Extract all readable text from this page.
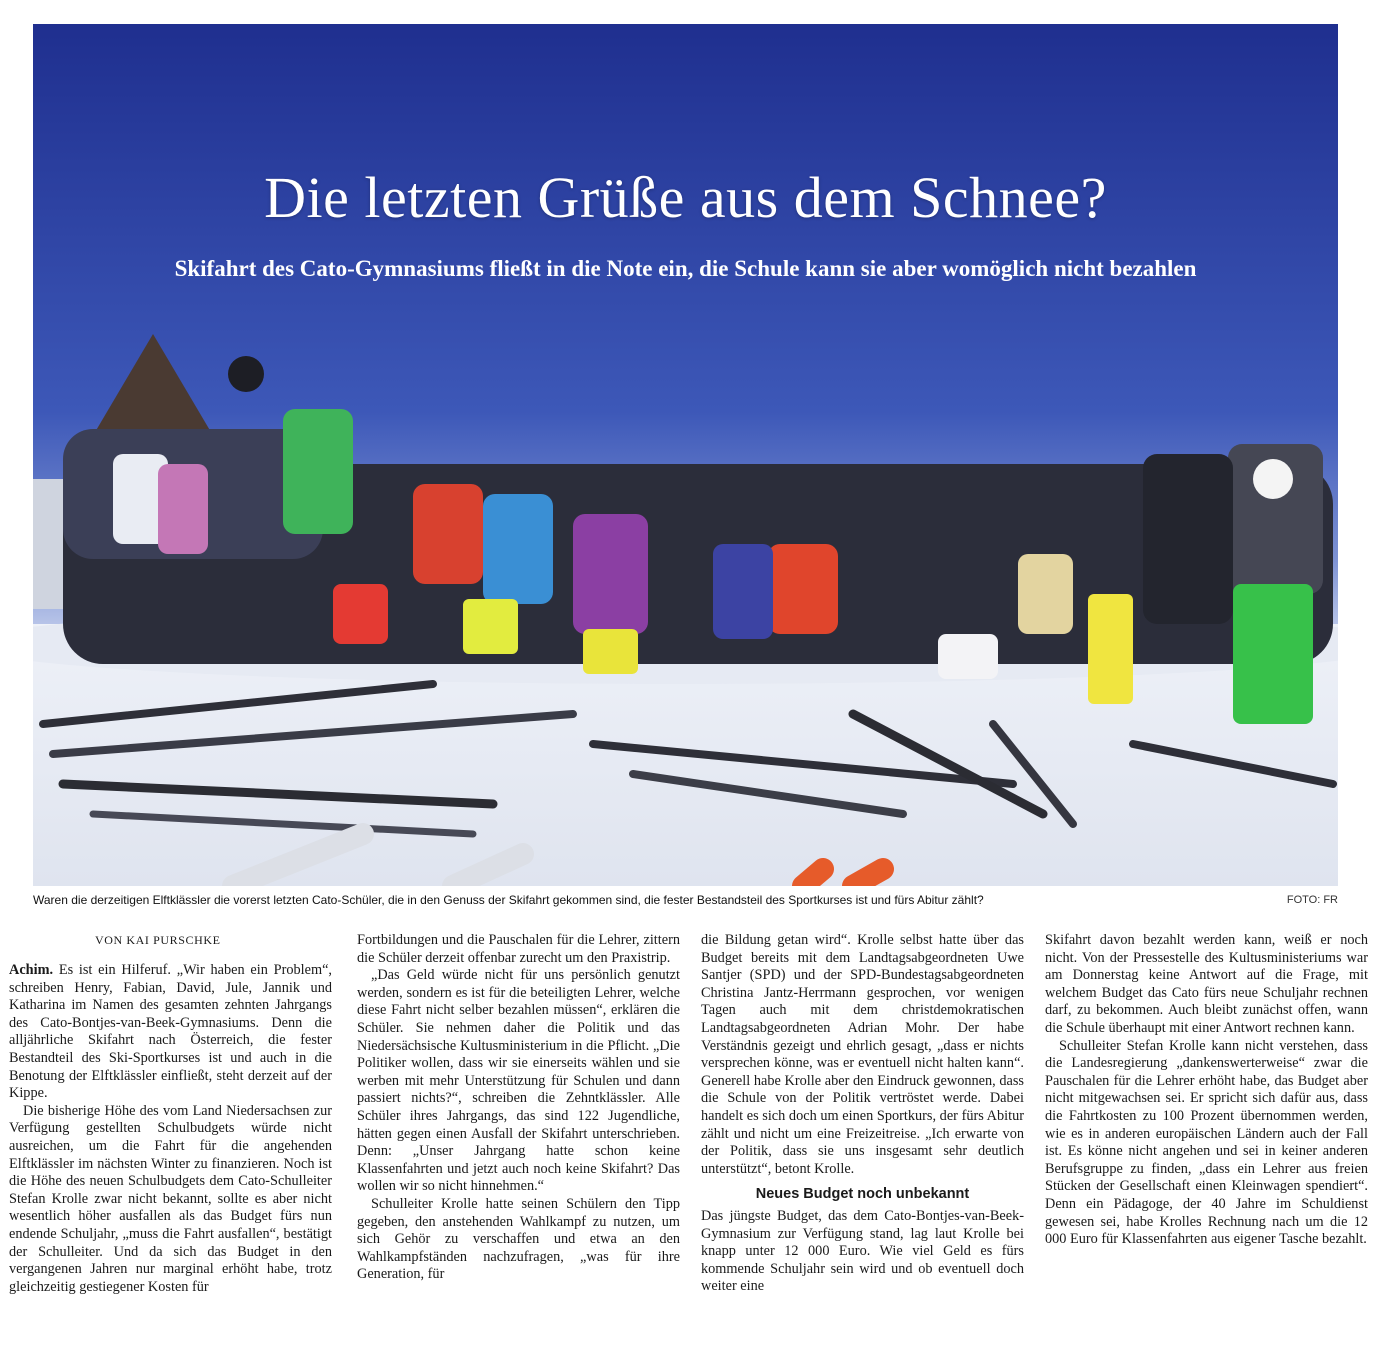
Die letzten Grüße aus dem Schnee?
Skifahrt des Cato-Gymnasiums fließt in die Note ein, die Schule kann sie aber womöglich nicht bezahlen
Waren die derzeitigen Elftklässler die vorerst letzten Cato-Schüler, die in den Genuss der Skifahrt gekommen sind, die fester Bestandsteil des Sportkurses ist und fürs Abitur zählt?	FOTO: FR
VON KAI PURSCHKE

Achim. Es ist ein Hilferuf. „Wir haben ein Problem“, schreiben Henry, Fabian, David, Jule, Jannik und Katharina im Namen des gesamten zehnten Jahrgangs des Cato-Bontjes-van-Beek-Gymnasiums. Denn die alljährliche Skifahrt nach Österreich, die fester Bestandteil des Ski-Sportkurses ist und auch in die Benotung der Elftklässler einfließt, steht derzeit auf der Kippe.

Die bisherige Höhe des vom Land Niedersachsen zur Verfügung gestellten Schulbudgets würde nicht ausreichen, um die Fahrt für die angehenden Elftklässler im nächsten Winter zu finanzieren. Noch ist die Höhe des neuen Schulbudgets dem Cato-Schulleiter Stefan Krolle zwar nicht bekannt, sollte es aber nicht wesentlich höher ausfallen als das Budget fürs nun endende Schuljahr, „muss die Fahrt ausfallen“, bestätigt der Schulleiter. Und da sich das Budget in den vergangenen Jahren nur marginal erhöht habe, trotz gleichzeitig gestiegener Kosten für

Fortbildungen und die Pauschalen für die Lehrer, zittern die Schüler derzeit offenbar zurecht um den Praxistrip.

„Das Geld würde nicht für uns persönlich genutzt werden, sondern es ist für die beteiligten Lehrer, welche diese Fahrt nicht selber bezahlen müssen“, erklären die Schüler. Sie nehmen daher die Politik und das Niedersächsische Kultusministerium in die Pflicht. „Die Politiker wollen, dass wir sie einerseits wählen und sie werben mit mehr Unterstützung für Schulen und dann passiert nichts?“, schreiben die Zehntklässler. Alle Schüler ihres Jahrgangs, das sind 122 Jugendliche, hätten gegen einen Ausfall der Skifahrt unterschrieben. Denn: „Unser Jahrgang hatte schon keine Klassenfahrten und jetzt auch noch keine Skifahrt? Das wollen wir so nicht hinnehmen.“

Schulleiter Krolle hatte seinen Schülern den Tipp gegeben, den anstehenden Wahlkampf zu nutzen, um sich Gehör zu verschaffen und etwa an den Wahlkampfständen nachzufragen, „was für ihre Generation, für

die Bildung getan wird“. Krolle selbst hatte über das Budget bereits mit dem Landtagsabgeordneten Uwe Santjer (SPD) und der SPD-Bundestagsabgeordneten Christina Jantz-Herrmann gesprochen, vor wenigen Tagen auch mit dem christdemokratischen Landtagsabgeordneten Adrian Mohr. Der habe Verständnis gezeigt und ehrlich gesagt, „dass er nichts versprechen könne, was er eventuell nicht halten kann“. Generell habe Krolle aber den Eindruck gewonnen, dass die Schule von der Politik vertröstet werde. Dabei handelt es sich doch um einen Sportkurs, der fürs Abitur zählt und nicht um eine Freizeitreise. „Ich erwarte von der Politik, dass sie uns insgesamt sehr deutlich unterstützt“, betont Krolle.

Neues Budget noch unbekannt

Das jüngste Budget, das dem Cato-Bontjes-van-Beek-Gymnasium zur Verfügung stand, lag laut Krolle bei knapp unter 12 000 Euro. Wie viel Geld es fürs kommende Schuljahr sein wird und ob eventuell doch weiter eine

Skifahrt davon bezahlt werden kann, weiß er noch nicht. Von der Pressestelle des Kultusministeriums war am Donnerstag keine Antwort auf die Frage, mit welchem Budget das Cato fürs neue Schuljahr rechnen darf, zu bekommen. Auch bleibt zunächst offen, wann die Schule überhaupt mit einer Antwort rechnen kann.

Schulleiter Stefan Krolle kann nicht verstehen, dass die Landesregierung „dankenswerterweise“ zwar die Pauschalen für die Lehrer erhöht habe, das Budget aber nicht mitgewachsen sei. Er spricht sich dafür aus, dass die Fahrtkosten zu 100 Prozent übernommen werden, wie es in anderen europäischen Ländern auch der Fall ist. Es könne nicht angehen und sei in keiner anderen Berufsgruppe zu finden, „dass ein Lehrer aus freien Stücken der Gesellschaft einen Kleinwagen spendiert“. Denn ein Pädagoge, der 40 Jahre im Schuldienst gewesen sei, habe Krolles Rechnung nach um die 12 000 Euro für Klassenfahrten aus eigener Tasche bezahlt.
